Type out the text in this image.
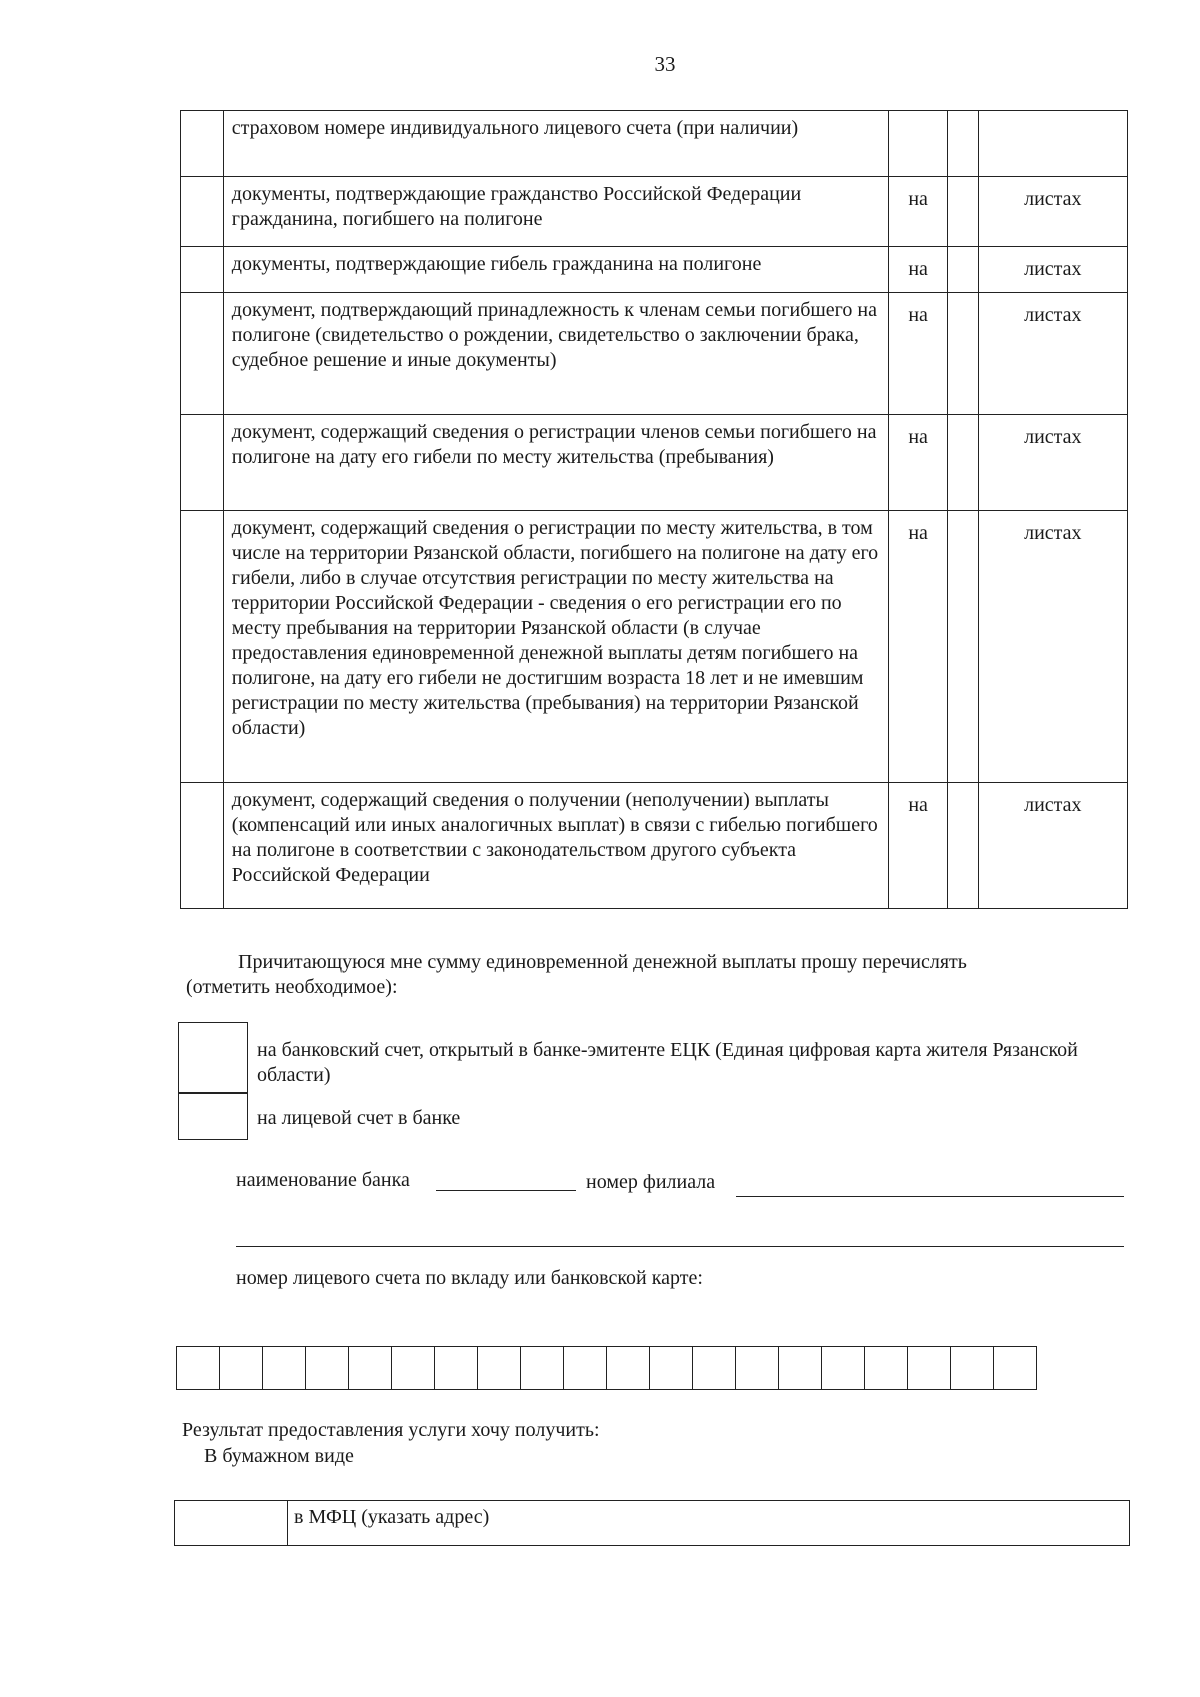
33
	страховом номере индивидуального лицевого счета (при наличии)			
	документы, подтверждающие гражданство Российской Федерации гражданина, погибшего на полигоне	на		листах
	документы, подтверждающие гибель гражданина на полигоне	на		листах
	документ, подтверждающий принадлежность к членам семьи погибшего на полигоне (свидетельство о рождении, свидетельство о заключении брака, судебное решение и иные документы)	на		листах
	документ, содержащий сведения о регистрации членов семьи погибшего на полигоне на дату его гибели по месту жительства (пребывания)	на		листах
	документ, содержащий сведения о регистрации по месту жительства, в том числе на территории Рязанской области, погибшего на полигоне на дату его гибели, либо в случае отсутствия регистрации по месту жительства на территории Российской Федерации - сведения о его регистрации его по месту пребывания на территории Рязанской области (в случае предоставления единовременной денежной выплаты детям погибшего на полигоне, на дату его гибели не достигшим возраста 18 лет и не имевшим регистрации по месту жительства (пребывания) на территории Рязанской области)	на		листах
	документ, содержащий сведения о получении (неполучении) выплаты (компенсаций или иных аналогичных выплат) в связи с гибелью погибшего на полигоне в соответствии с законодательством другого субъекта Российской Федерации	на		листах
Причитающуюся мне сумму единовременной денежной выплаты прошу перечислять
(отметить необходимое):
на банковский счет, открытый в банке-эмитенте ЕЦК (Единая цифровая карта жителя Рязанской области)
на лицевой счет в банке
наименование банка	номер филиала
номер лицевого счета по вкладу или банковской карте:

Результат предоставления услуги хочу получить:
В бумажном виде
	в МФЦ (указать адрес)
